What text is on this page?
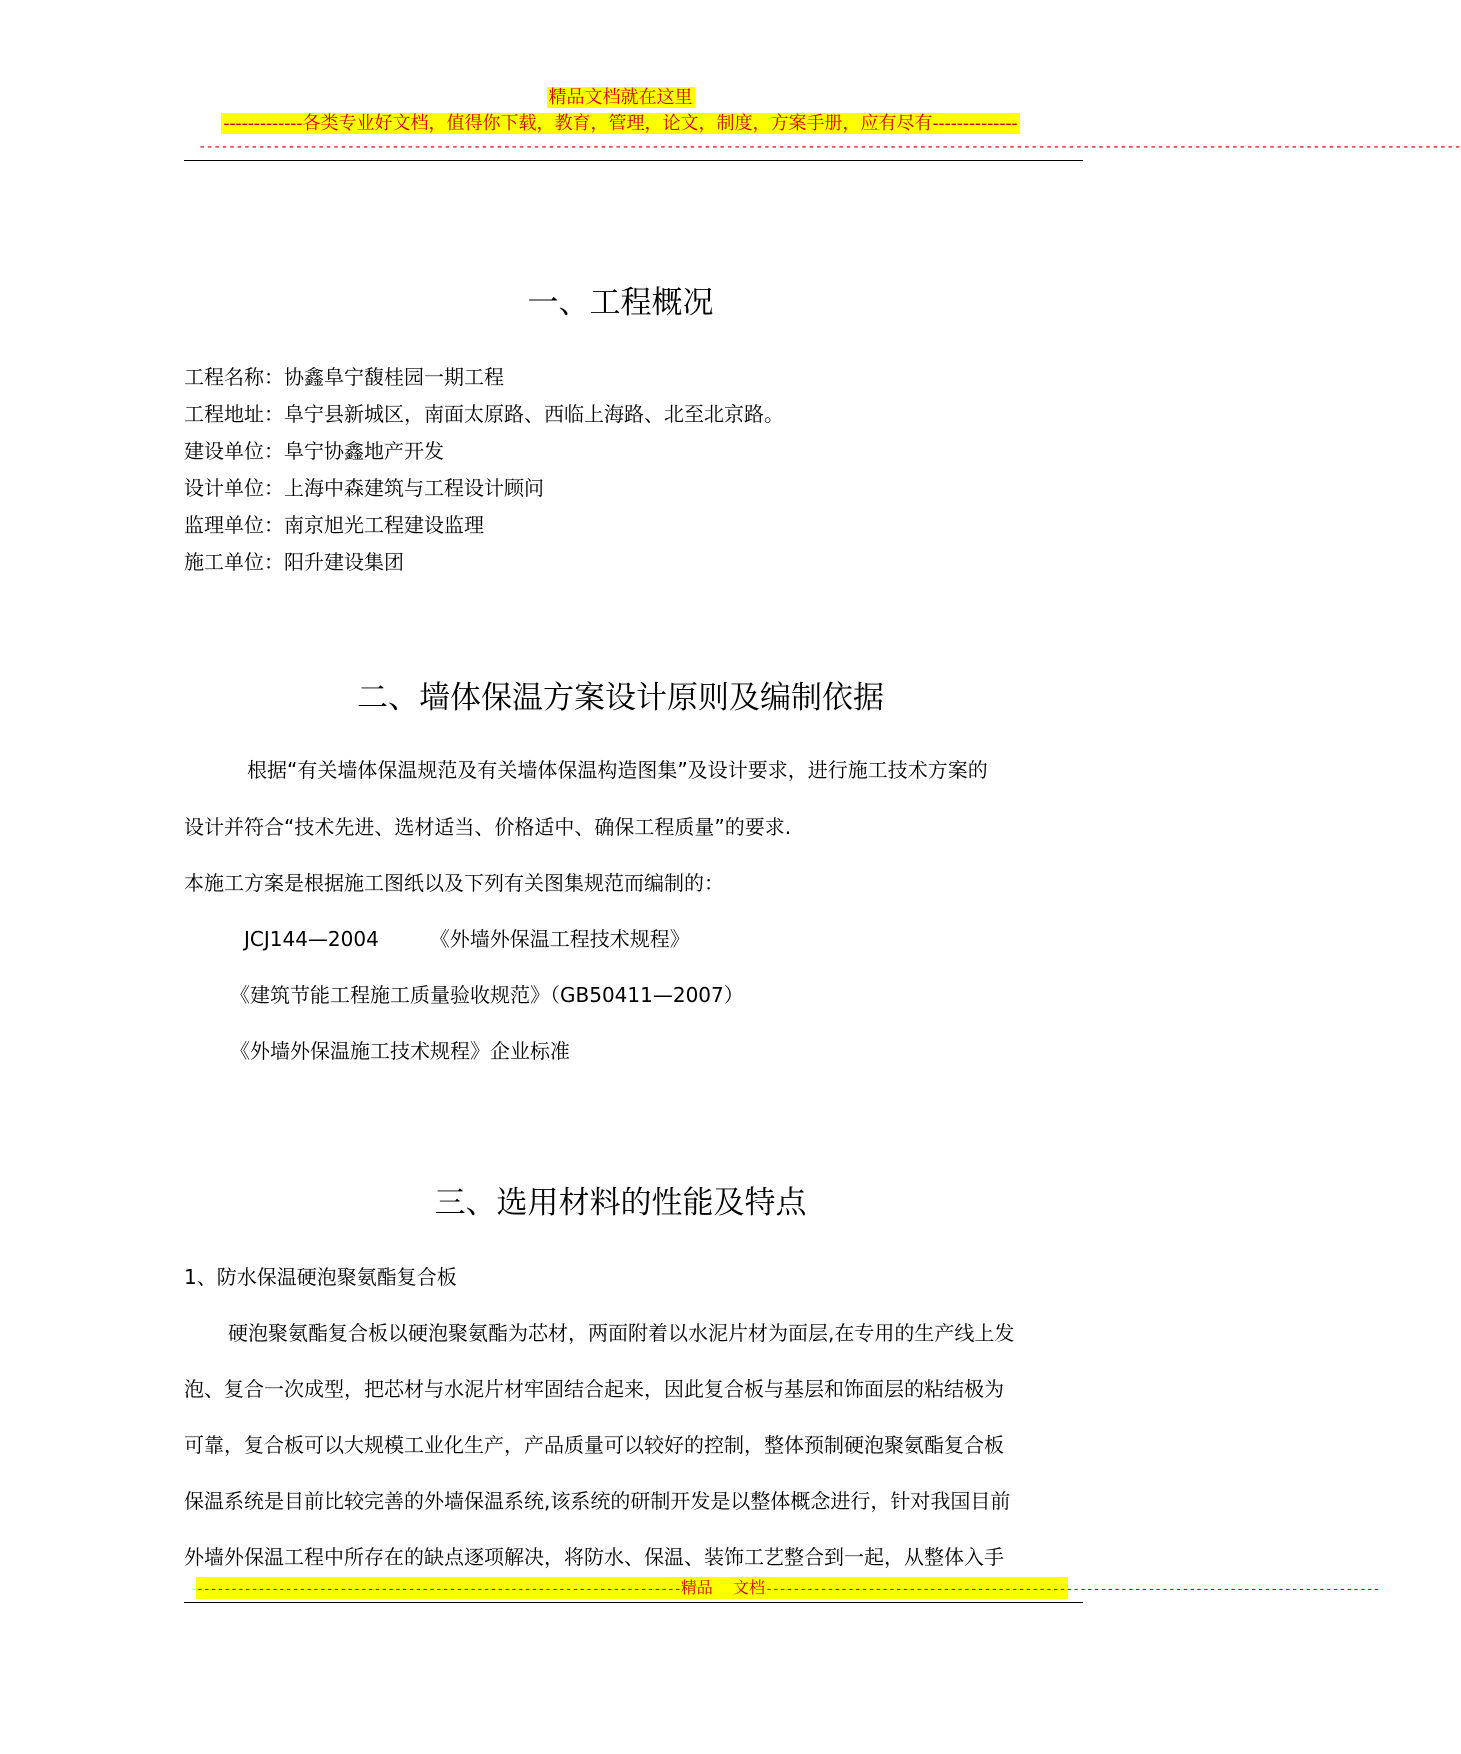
精品文档就在这里
-------------各类专业好文档，值得你下载，教育，管理，论文，制度，方案手册，应有尽有--------------
--------------------------------------------------------------------------------------------------------------------------------------------------------------------------
一、工程概况
工程名称：协鑫阜宁馥桂园一期工程
工程地址：阜宁县新城区，南面太原路、西临上海路、北至北京路。
建设单位：阜宁协鑫地产开发
设计单位：上海中森建筑与工程设计顾问
监理单位：南京旭光工程建设监理
施工单位：阳升建设集团
二、墙体保温方案设计原则及编制依据
根据“有关墙体保温规范及有关墙体保温构造图集”及设计要求，进行施工技术方案的
设计并符合“技术先进、选材适当、价格适中、确保工程质量”的要求.
本施工方案是根据施工图纸以及下列有关图集规范而编制的：
JCJ144—2004        《外墙外保温工程技术规程》
《建筑节能工程施工质量验收规范》（GB50411—2007）
《外墙外保温施工技术规程》企业标准
三、选用材料的性能及特点
1、防水保温硬泡聚氨酯复合板
硬泡聚氨酯复合板以硬泡聚氨酯为芯材，两面附着以水泥片材为面层,在专用的生产线上发
泡、复合一次成型，把芯材与水泥片材牢固结合起来，因此复合板与基层和饰面层的粘结极为
可靠，复合板可以大规模工业化生产，产品质量可以较好的控制，整体预制硬泡聚氨酯复合板
保温系统是目前比较完善的外墙保温系统,该系统的研制开发是以整体概念进行，针对我国目前
外墙外保温工程中所存在的缺点逐项解决，将防水、保温、装饰工艺整合到一起，从整体入手
-----------------------------------------------------------------------精品    文档------------------------------------------------------------------------------------------
